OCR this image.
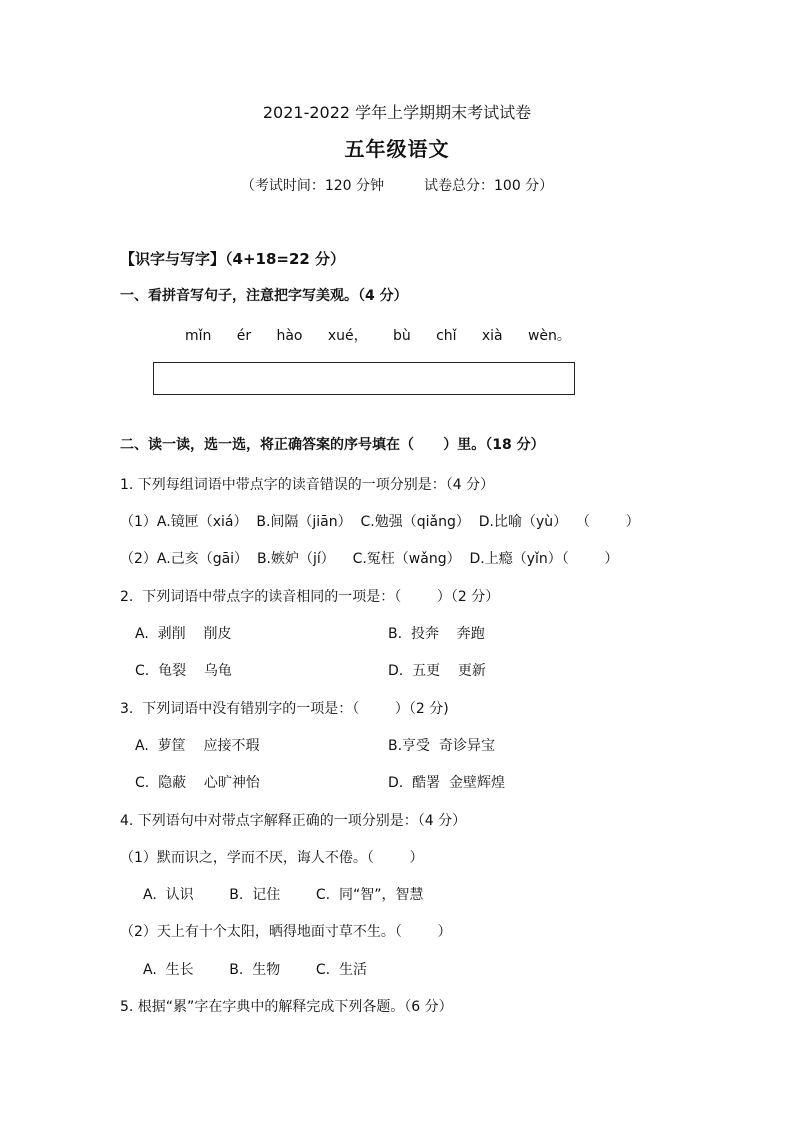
2021-2022 学年上学期期末考试试卷
五年级语文
（考试时间：120 分钟	试卷总分：100 分）
【识字与写字】（4+18=22 分）
一、看拼音写句子，注意把字写美观。（4 分）
mǐn   ér   hào   xué，   bù   chǐ   xià   wèn。
二、读一读，选一选，将正确答案的序号填在（      ）里。（18 分）
1. 下列每组词语中带点字的读音错误的一项分别是：（4 分）
（1）A.镜匣（xiá）  B.间隔（jiān）  C.勉强（qiǎng）  D.比喻（yù）  （        ）
（2）A.己亥（gāi）  B.嫉妒（jí）    C.冤枉（wǎng）  D.上瘾（yǐn）（        ）
2.  下列词语中带点字的读音相同的一项是：（        ）（2 分）
A.  剥削    削皮	B.  投奔    奔跑
C.  龟裂    乌龟	D.  五更    更新
3.  下列词语中没有错别字的一项是：（        ）（2 分)
A.  萝筐    应接不瑕	B.亨受  奇诊异宝
C.  隐蔽    心旷神怡	D.  酷署  金壁辉煌
4. 下列语句中对带点字解释正确的一项分别是：（4 分）
（1）默而识之，学而不厌，诲人不倦。（        ）
A.  认识        B.  记住        C.  同“智”，智慧
（2）天上有十个太阳，晒得地面寸草不生。（        ）
A.  生长        B.  生物        C.  生活
5. 根据“累”字在字典中的解释完成下列各题。（6 分）
